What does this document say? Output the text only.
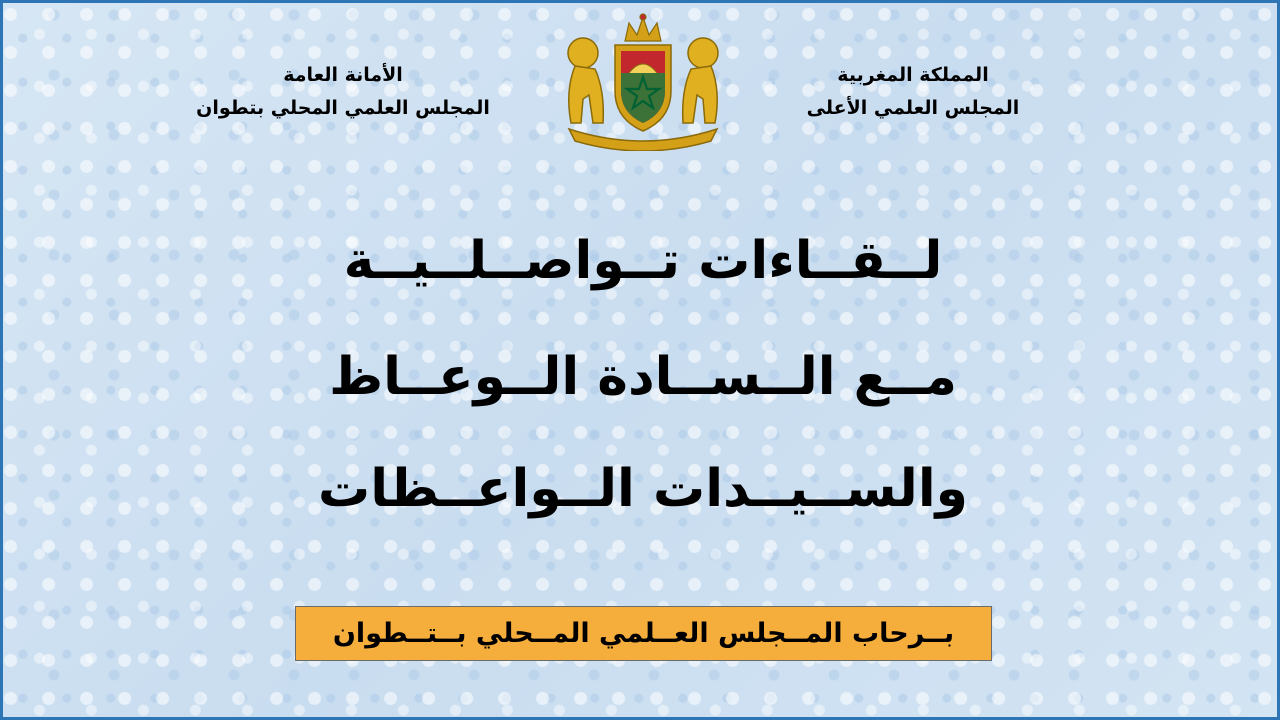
المملكة المغربية
المجلس العلمي الأعلى
الأمانة العامة
المجلس العلمي المحلي بتطوان
لــقــاءات تــواصــلــيــة
مــع الــســادة الــوعــاظ
والســيــدات الــواعــظات
بــرحاب المــجلس العــلمي المــحلي بــتــطوان
